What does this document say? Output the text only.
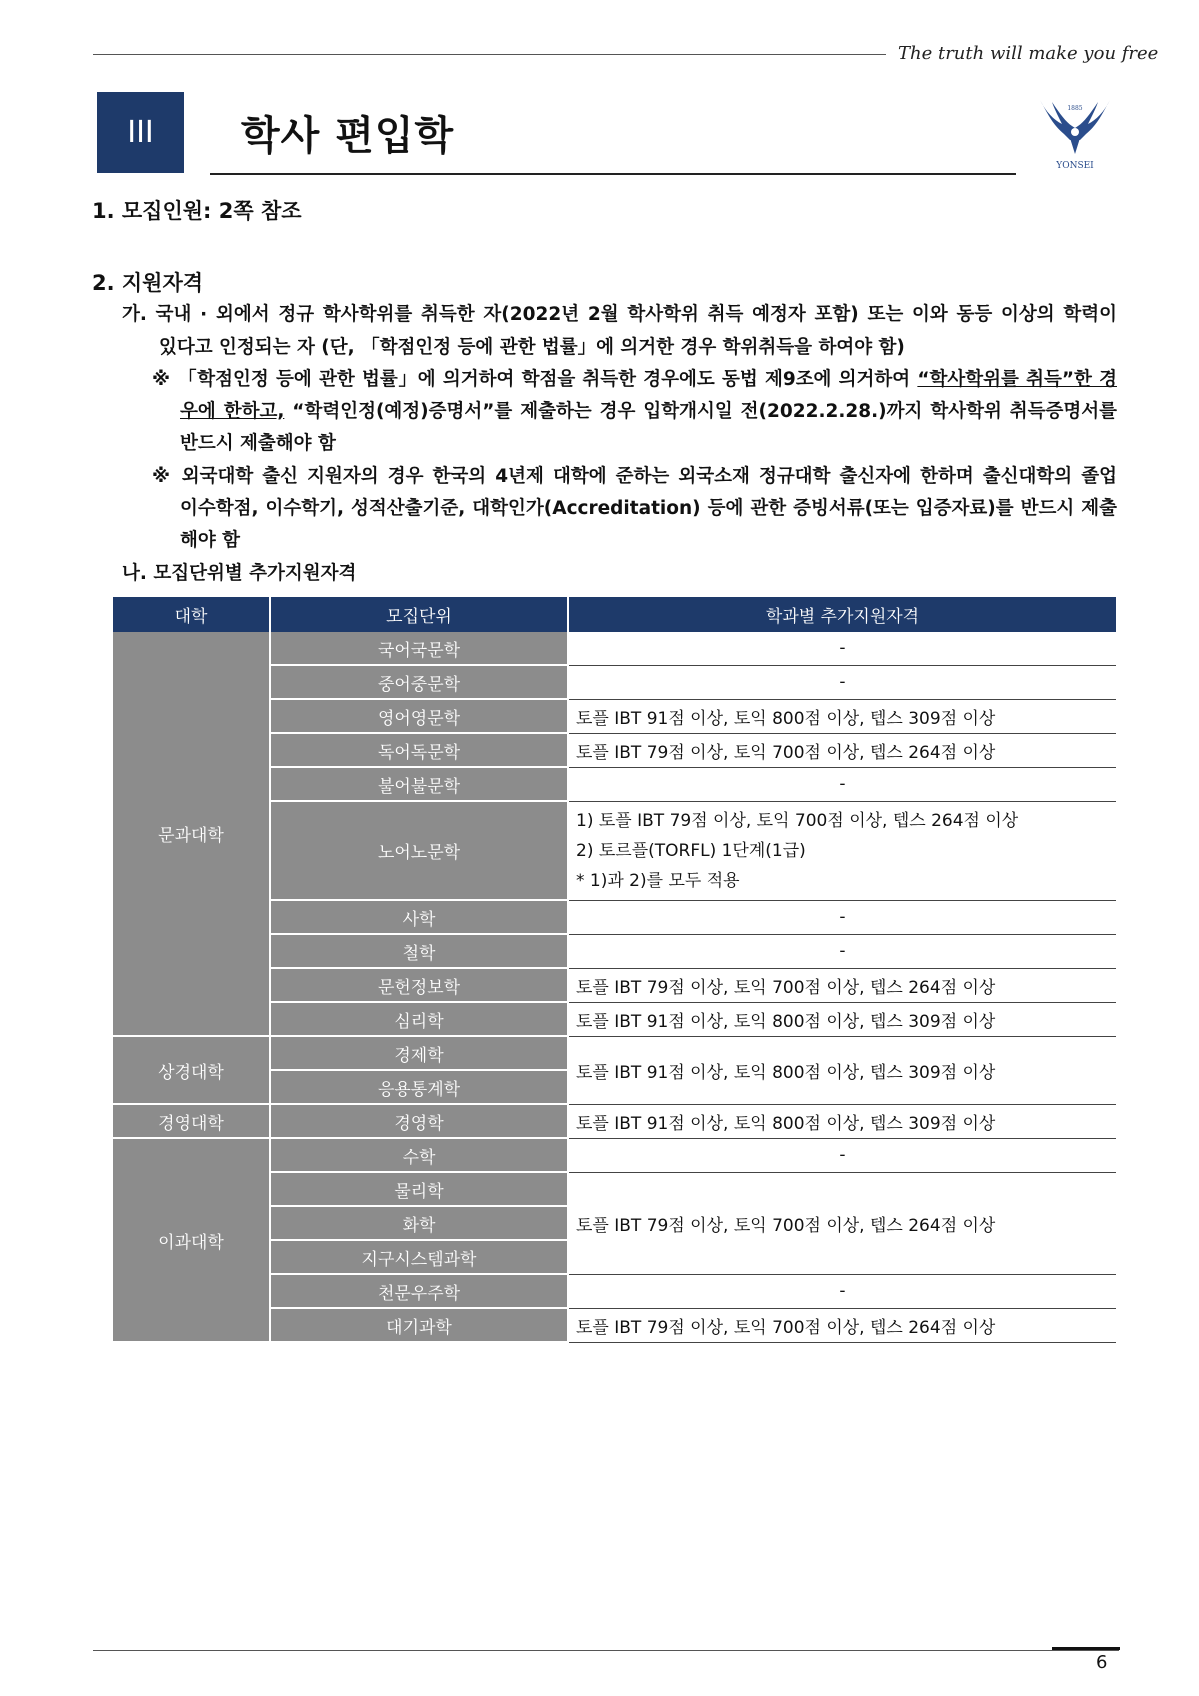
The truth will make you free
III	학사 편입학
1885
YONSEI
1. 모집인원: 2쪽 참조
2. 지원자격
가. 국내 · 외에서 정규 학사학위를 취득한 자(2022년 2월 학사학위 취득 예정자 포함) 또는 이와 동등 이상의 학력이
있다고 인정되는 자 (단, 「학점인정 등에 관한 법률」에 의거한 경우 학위취득을 하여야 함)
※ 「학점인정 등에 관한 법률」에 의거하여 학점을 취득한 경우에도 동법 제9조에 의거하여 “학사학위를 취득”한 경
우에 한하고, “학력인정(예정)증명서”를 제출하는 경우 입학개시일 전(2022.2.28.)까지 학사학위 취득증명서를
반드시 제출해야 함
※ 외국대학 출신 지원자의 경우 한국의 4년제 대학에 준하는 외국소재 정규대학 출신자에 한하며 출신대학의 졸업
이수학점, 이수학기, 성적산출기준, 대학인가(Accreditation) 등에 관한 증빙서류(또는 입증자료)를 반드시 제출
해야 함
나. 모집단위별 추가지원자격
대학	모집단위	학과별 추가지원자격
문과대학	국어국문학	-
	중어중문학	-
	영어영문학	토플 IBT 91점 이상, 토익 800점 이상, 텝스 309점 이상
	독어독문학	토플 IBT 79점 이상, 토익 700점 이상, 텝스 264점 이상
	불어불문학	-
	노어노문학	1) 토플 IBT 79점 이상, 토익 700점 이상, 텝스 264점 이상
2) 토르플(TORFL) 1단계(1급)
* 1)과 2)를 모두 적용

	사학	-
	철학	-
	문헌정보학	토플 IBT 79점 이상, 토익 700점 이상, 텝스 264점 이상
	심리학	토플 IBT 91점 이상, 토익 800점 이상, 텝스 309점 이상
상경대학	경제학	토플 IBT 91점 이상, 토익 800점 이상, 텝스 309점 이상
	응용통계학	
경영대학	경영학	토플 IBT 91점 이상, 토익 800점 이상, 텝스 309점 이상
이과대학	수학	-
	물리학	토플 IBT 79점 이상, 토익 700점 이상, 텝스 264점 이상
	화학	
	지구시스템과학	
	천문우주학	-
	대기과학	토플 IBT 79점 이상, 토익 700점 이상, 텝스 264점 이상
6
